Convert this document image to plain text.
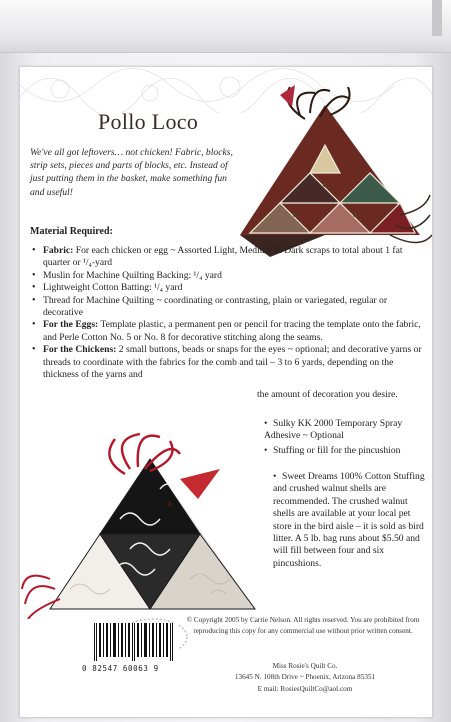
Pollo Loco
We've all got leftovers… not chicken! Fabric, blocks, strip sets, pieces and parts of blocks, etc. Instead of just putting them in the basket, make something fun and useful!
Material Required:
• Fabric: For each chicken or egg ~ Assorted Light, Medium & Dark scraps to total about 1 fat quarter or ¹/₄-yard
• Muslin for Machine Quilting Backing: ¹/₄ yard
• Lightweight Cotton Batting: ¹/₄ yard
• Thread for Machine Quilting ~ coordinating or contrasting, plain or variegated, regular or decorative
• For the Eggs: Template plastic, a permanent pen or pencil for tracing the template onto the fabric, and Perle Cotton No. 5 or No. 8 for decorative stitching along the seams.
• For the Chickens: 2 small buttons, beads or snaps for the eyes ~ optional; and decorative yarns or threads to coordinate with the fabrics for the comb and tail – 3 to 6 yards, depending on the thickness of the yarns and
the amount of decoration you desire.
• Sulky KK 2000 Temporary Spray Adhesive ~ Optional
• Stuffing or fill for the pincushion
• Sweet Dreams 100% Cotton Stuffing and crushed walnut shells are recommended. The crushed walnut shells are available at your local pet store in the bird aisle – it is sold as bird litter. A 5 lb. bag runs about $5.50 and will fill between four and six pincushions.
© Copyright 2005 by Carrie Nelson. All rights reserved. You are prohibited from reproducing this copy for any commercial use without prior written consent.
0 82547 60063 9	Miss Rosie's Quilt Co.
13645 N. 108th Drive ~ Phoenix, Arizona 85351
E mail: RosiesQuiltCo@aol.com
